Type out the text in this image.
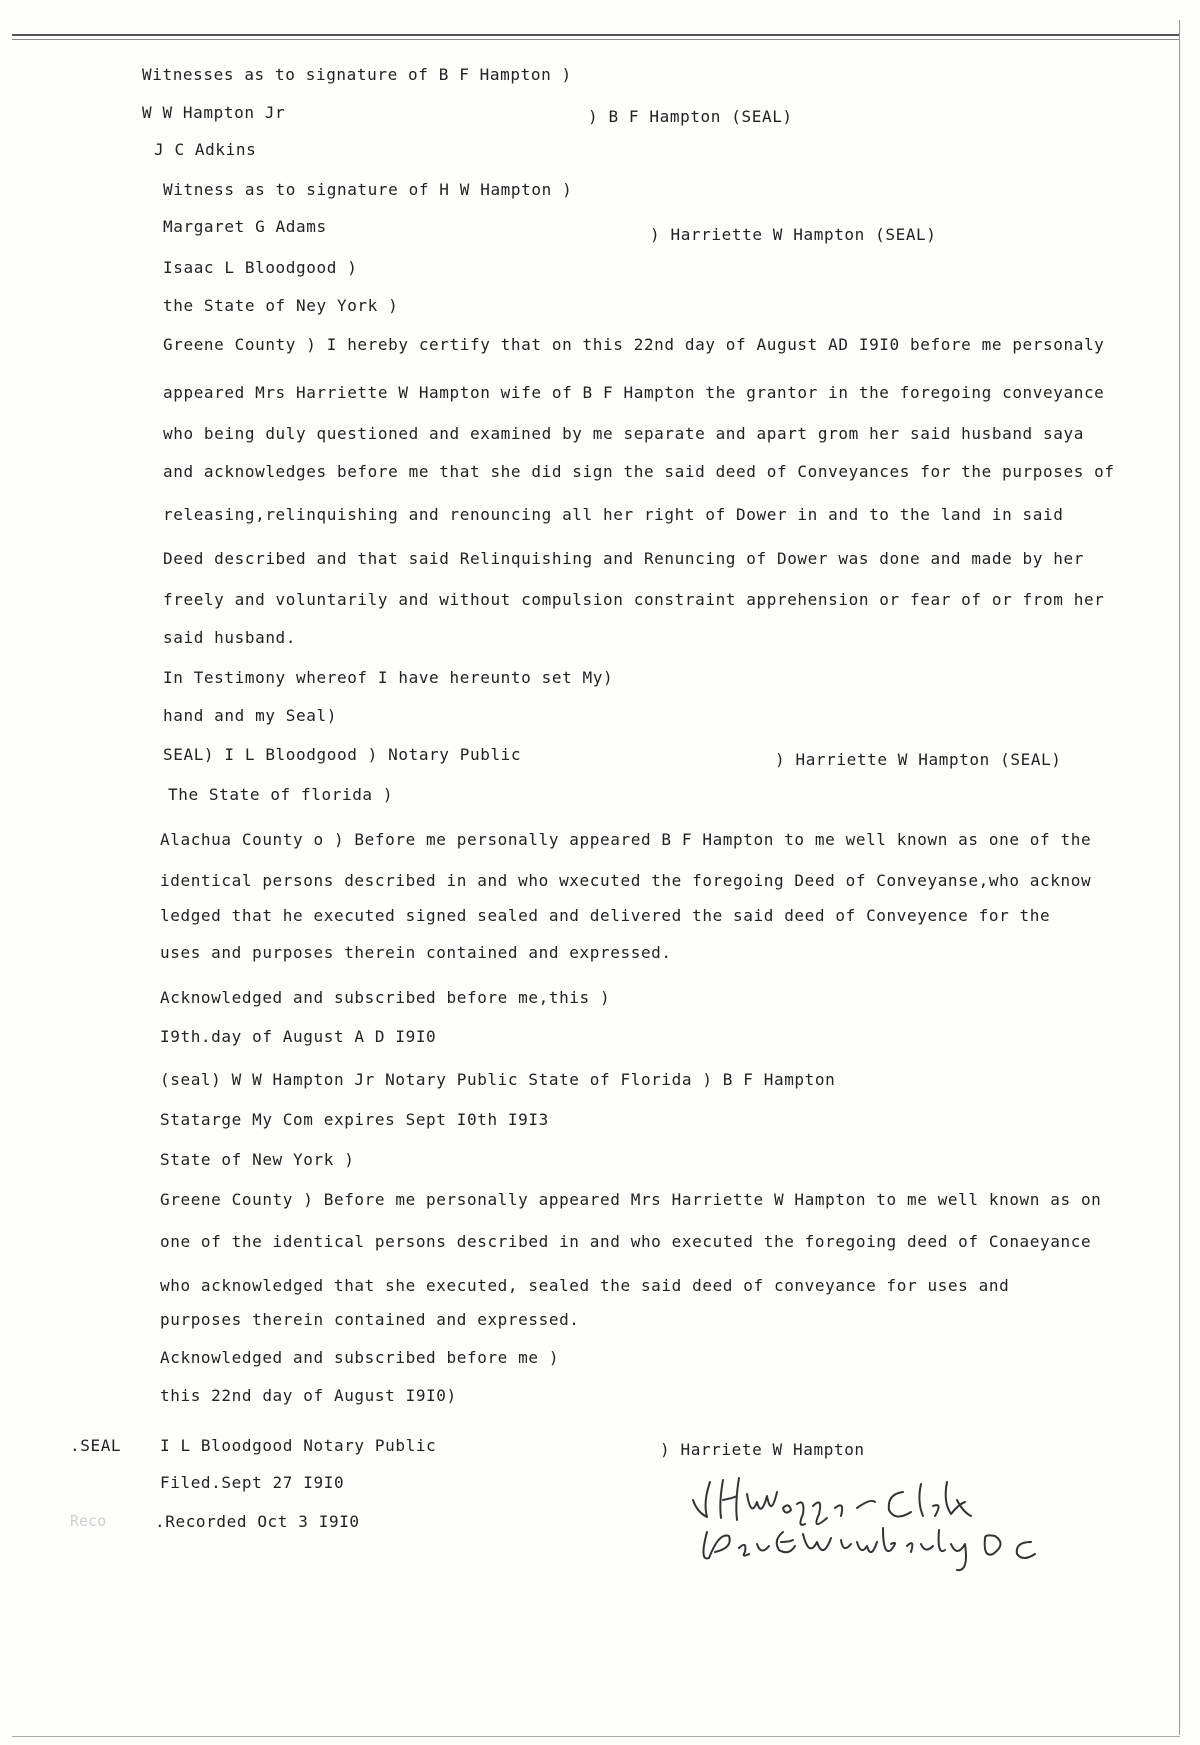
Witnesses as to signature of B F Hampton )

W W Hampton Jr	) B F Hampton (SEAL)

J C Adkins

Witness as to signature of H W Hampton )

Margaret G Adams	) Harriette W Hampton (SEAL)

Isaac L Bloodgood )

the State of Ney York )

Greene County ) I hereby certify that on this 22nd day of August AD I9I0 before me personaly

appeared Mrs Harriette W Hampton wife of B F Hampton the grantor in the foregoing conveyance

who being duly questioned and examined by me separate and apart grom her said husband saya

and acknowledges before me that she did sign the said deed of Conveyances for the purposes of

releasing,relinquishing and renouncing all her right of Dower in and to the land in said

Deed described and that said Relinquishing and Renuncing of Dower was done and made by her

freely and voluntarily and without compulsion constraint apprehension or fear of or from her

said husband.

In Testimony whereof I have hereunto set My)

hand and my Seal)

SEAL) I L Bloodgood ) Notary Public	) Harriette W Hampton (SEAL)

The State of florida )

Alachua County o ) Before me personally appeared B F Hampton to me well known as one of the

identical persons described in and who wxecuted the foregoing Deed of Conveyanse,who acknow

ledged that he executed signed sealed and delivered the said deed of Conveyence for the

uses and purposes therein contained and expressed.

Acknowledged and subscribed before me,this )

I9th.day of August A D I9I0

(seal) W W Hampton Jr Notary Public State of Florida ) B F Hampton

Statarge My Com expires Sept I0th I9I3

State of New York )

Greene County ) Before me personally appeared Mrs Harriette W Hampton to me well known as on

one of the identical persons described in and who executed the foregoing deed of Conaeyance

who acknowledged that she executed, sealed the said deed of conveyance for uses and

purposes therein contained and expressed.

Acknowledged and subscribed before me )

this 22nd day of August I9I0)

.SEAL I L Bloodgood Notary Public	) Harriete W Hampton

Filed.Sept 27 I9I0

.Recorded Oct 3 I9I0

Reco
